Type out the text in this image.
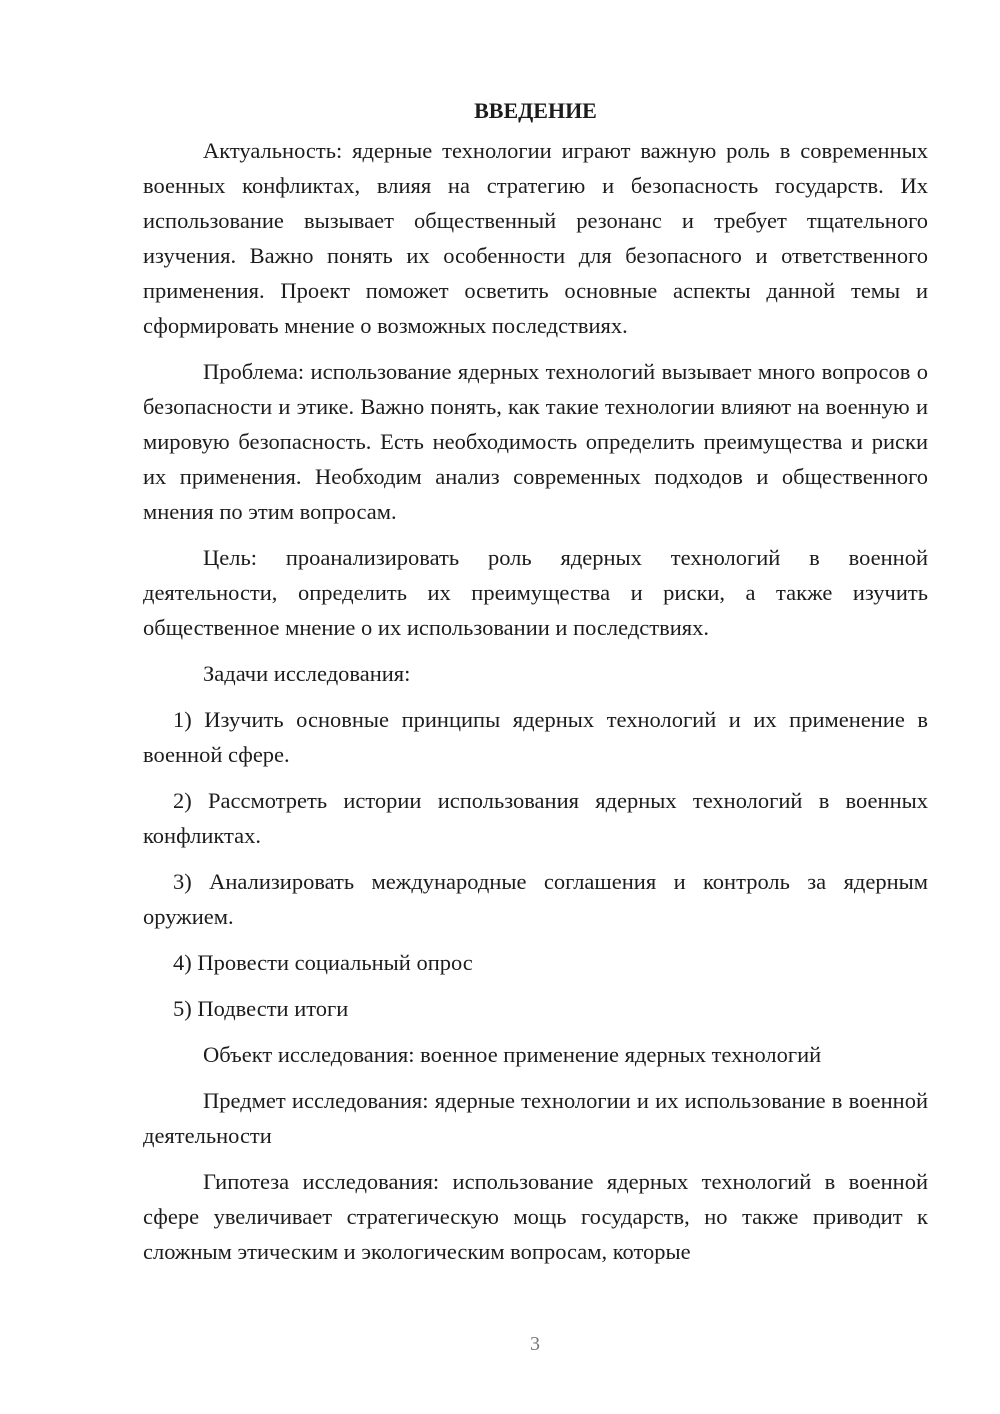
ВВЕДЕНИЕ

Актуальность: ядерные технологии играют важную роль в современных военных конфликтах, влияя на стратегию и безопасность государств. Их использование вызывает общественный резонанс и требует тщательного изучения. Важно понять их особенности для безопасного и ответственного применения. Проект поможет осветить основные аспекты данной темы и сформировать мнение о возможных последствиях.

Проблема: использование ядерных технологий вызывает много вопросов о безопасности и этике. Важно понять, как такие технологии влияют на военную и мировую безопасность. Есть необходимость определить преимущества и риски их применения. Необходим анализ современных подходов и общественного мнения по этим вопросам.

Цель: проанализировать роль ядерных технологий в военной деятельности, определить их преимущества и риски, а также изучить общественное мнение о их использовании и последствиях.

Задачи исследования:

1) Изучить основные принципы ядерных технологий и их применение в военной сфере.

2) Рассмотреть истории использования ядерных технологий в военных конфликтах.

3) Анализировать международные соглашения и контроль за ядерным оружием.

4) Провести социальный опрос

5) Подвести итоги

Объект исследования: военное применение ядерных технологий

Предмет исследования: ядерные технологии и их использование в военной деятельности

Гипотеза исследования: использование ядерных технологий в военной сфере увеличивает стратегическую мощь государств, но также приводит к сложным этическим и экологическим вопросам, которые

3
